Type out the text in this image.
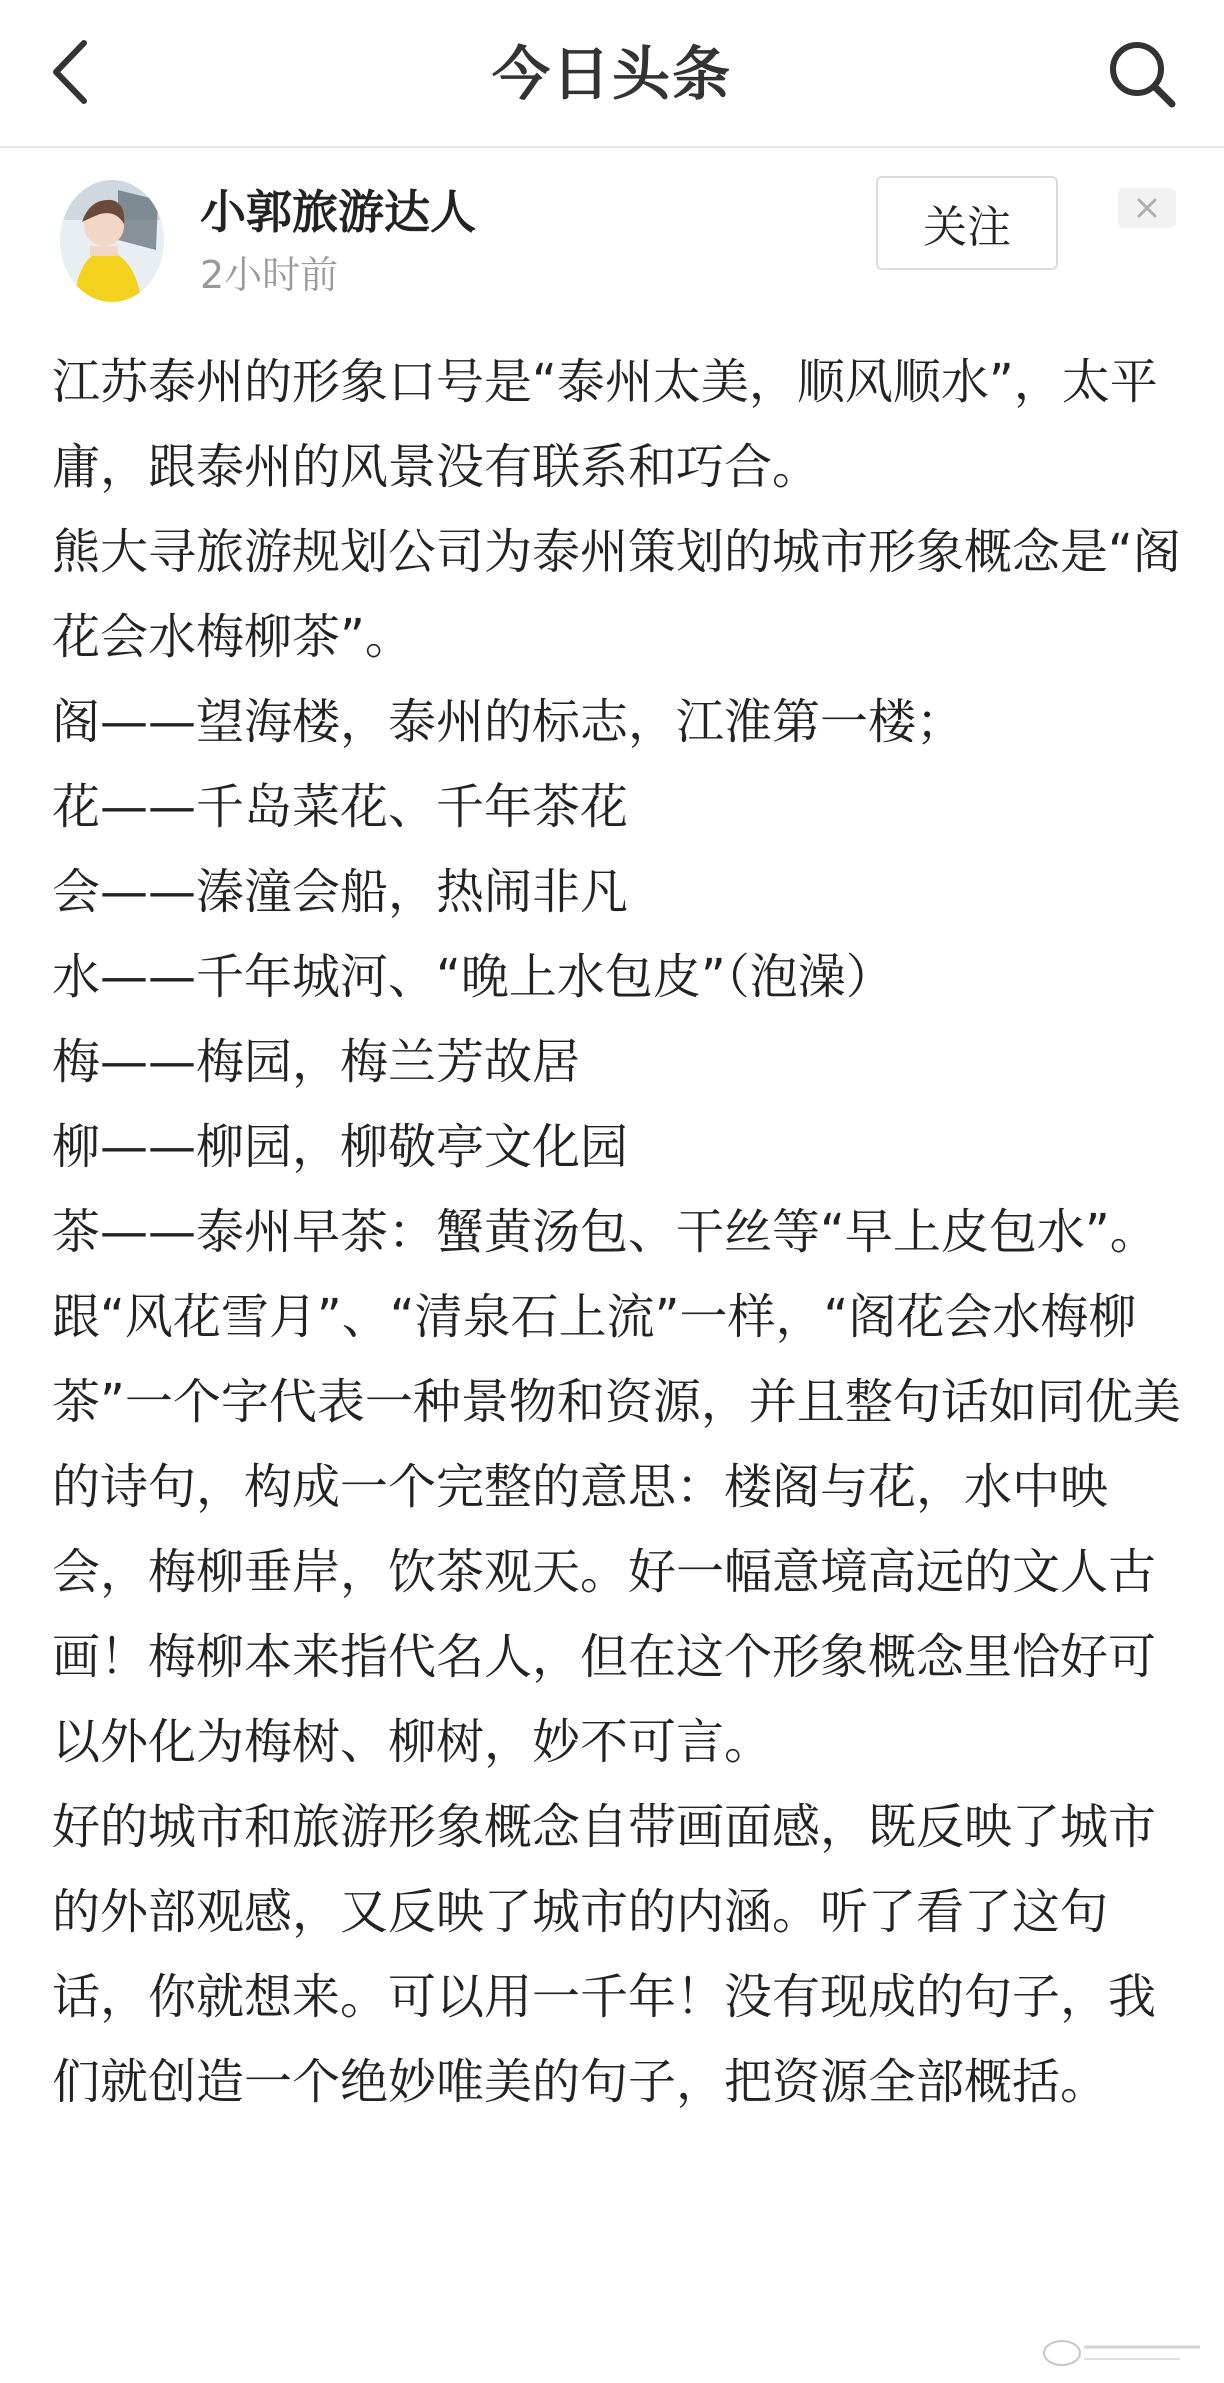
今日头条
小郭旅游达人
2小时前
关注

江苏泰州的形象口号是“泰州太美，顺风顺水”，太平庸，跟泰州的风景没有联系和巧合。

熊大寻旅游规划公司为泰州策划的城市形象概念是“阁花会水梅柳茶”。

阁——望海楼，泰州的标志，江淮第一楼；

花——千岛菜花、千年茶花

会——溱潼会船，热闹非凡

水——千年城河、“晚上水包皮”（泡澡）

梅——梅园，梅兰芳故居

柳——柳园，柳敬亭文化园

茶——泰州早茶：蟹黄汤包、干丝等“早上皮包水”。

跟“风花雪月”、“清泉石上流”一样，“阁花会水梅柳茶”一个字代表一种景物和资源，并且整句话如同优美的诗句，构成一个完整的意思：楼阁与花，水中映会，梅柳垂岸，饮茶观天。好一幅意境高远的文人古画！梅柳本来指代名人，但在这个形象概念里恰好可以外化为梅树、柳树，妙不可言。

好的城市和旅游形象概念自带画面感，既反映了城市的外部观感，又反映了城市的内涵。听了看了这句话，你就想来。可以用一千年！没有现成的句子，我们就创造一个绝妙唯美的句子，把资源全部概括。
